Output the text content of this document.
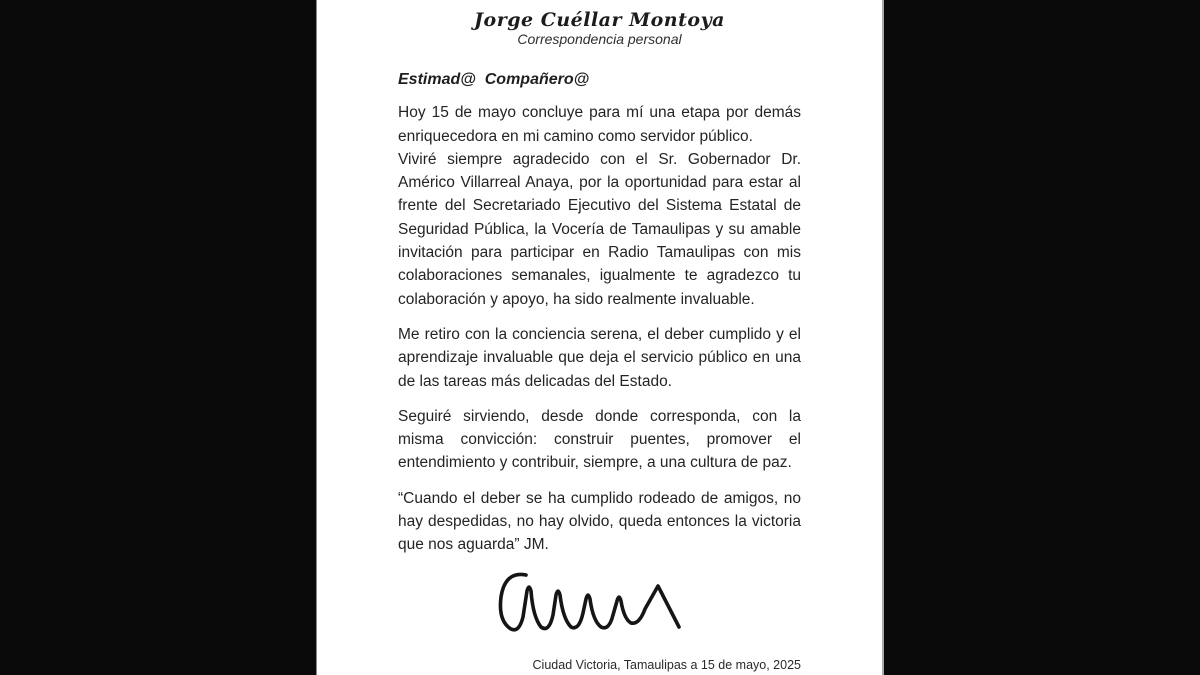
Jorge Cuéllar Montoya
Correspondencia personal

Estimad@  Compañero@

Hoy 15 de mayo concluye para mí una etapa por demás enriquecedora en mi camino como servidor público.

Viviré siempre agradecido con el Sr. Gobernador Dr. Américo Villarreal Anaya, por la oportunidad para estar al frente del Secretariado Ejecutivo del Sistema Estatal de Seguridad Pública, la Vocería de Tamaulipas y su amable invitación para participar en Radio Tamaulipas con mis colaboraciones semanales, igualmente te agradezco tu colaboración y apoyo, ha sido realmente invaluable.

Me retiro con la conciencia serena, el deber cumplido y el aprendizaje invaluable que deja el servicio público en una de las tareas más delicadas del Estado.

Seguiré sirviendo, desde donde corresponda, con la misma convicción: construir puentes, promover el entendimiento y contribuir, siempre, a una cultura de paz.

“Cuando el deber se ha cumplido rodeado de amigos, no hay despedidas, no hay olvido, queda entonces la victoria que nos aguarda” JM.

Ciudad Victoria, Tamaulipas a 15 de mayo, 2025
